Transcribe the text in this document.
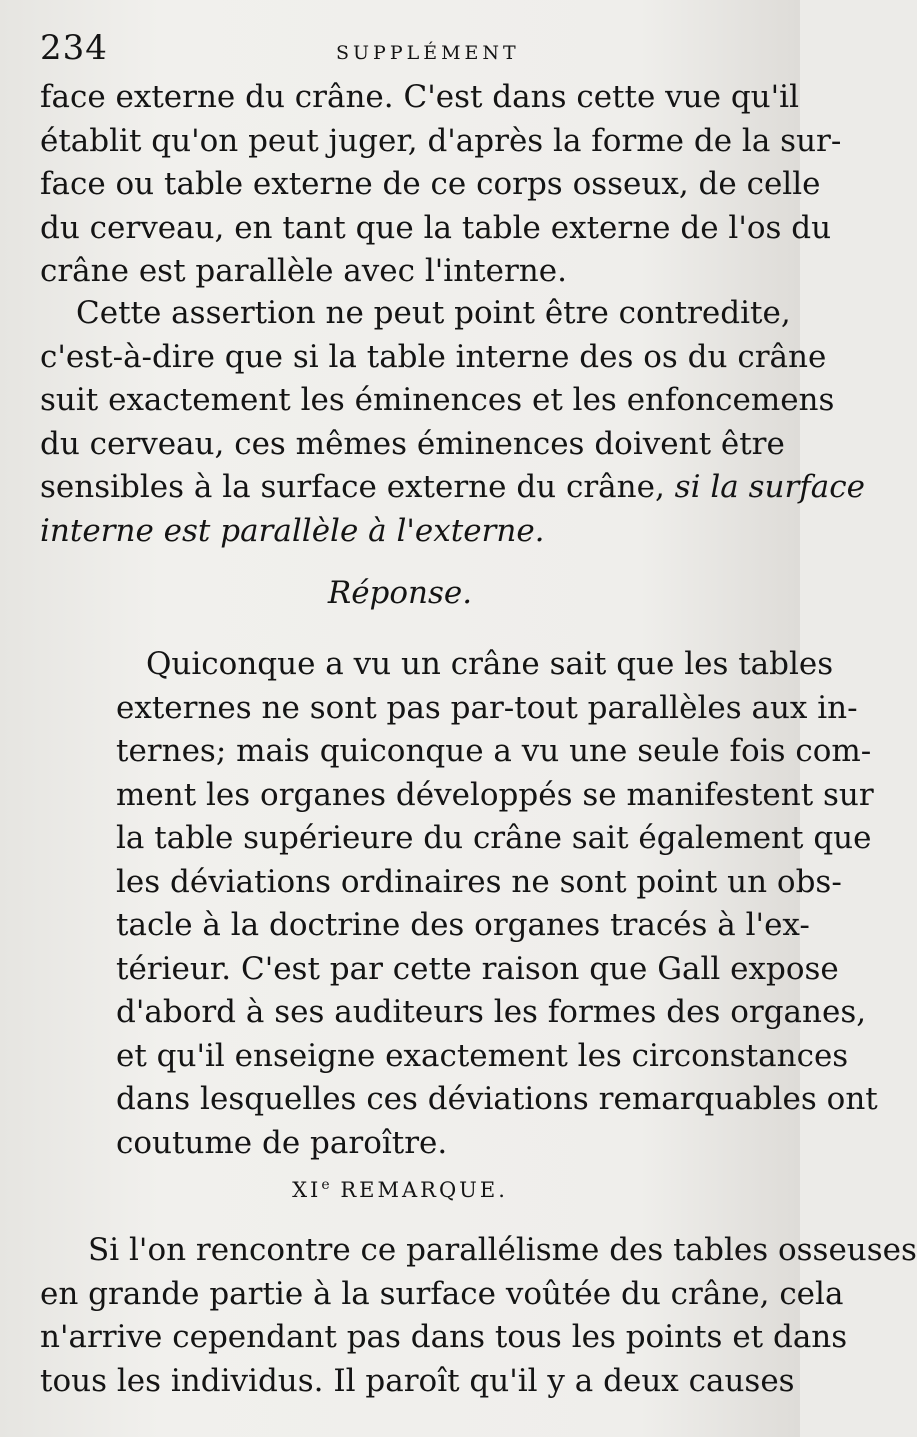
234	SUPPLÉMENT
face externe du crâne. C'est dans cette vue qu'il
établit qu'on peut juger, d'après la forme de la sur-
face ou table externe de ce corps osseux, de celle
du cerveau, en tant que la table externe de l'os du
crâne est parallèle avec l'interne.
Cette assertion ne peut point être contredite,
c'est-à-dire que si la table interne des os du crâne
suit exactement les éminences et les enfoncemens
du cerveau, ces mêmes éminences doivent être
sensibles à la surface externe du crâne, si la surface
interne est parallèle à l'externe.
Réponse.
Quiconque a vu un crâne sait que les tables
externes ne sont pas par-tout parallèles aux in-
ternes; mais quiconque a vu une seule fois com-
ment les organes développés se manifestent sur
la table supérieure du crâne sait également que
les déviations ordinaires ne sont point un obs-
tacle à la doctrine des organes tracés à l'ex-
térieur. C'est par cette raison que Gall expose
d'abord à ses auditeurs les formes des organes,
et qu'il enseigne exactement les circonstances
dans lesquelles ces déviations remarquables ont
coutume de paroître.
XIe REMARQUE.
Si l'on rencontre ce parallélisme des tables osseuses
en grande partie à la surface voûtée du crâne, cela
n'arrive cependant pas dans tous les points et dans
tous les individus. Il paroît qu'il y a deux causes
